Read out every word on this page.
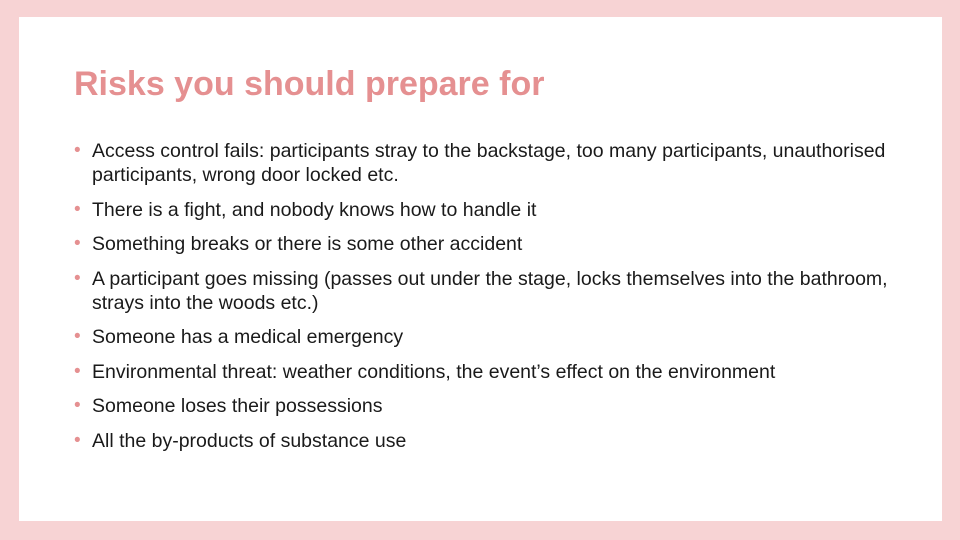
Risks you should prepare for
• Access control fails: participants stray to the backstage, too many participants, unauthorised participants, wrong door locked etc.
• There is a fight, and nobody knows how to handle it
• Something breaks or there is some other accident
• A participant goes missing (passes out under the stage, locks themselves into the bathroom, strays into the woods etc.)
• Someone has a medical emergency
• Environmental threat: weather conditions, the event’s effect on the environment
• Someone loses their possessions
• All the by-products of substance use
